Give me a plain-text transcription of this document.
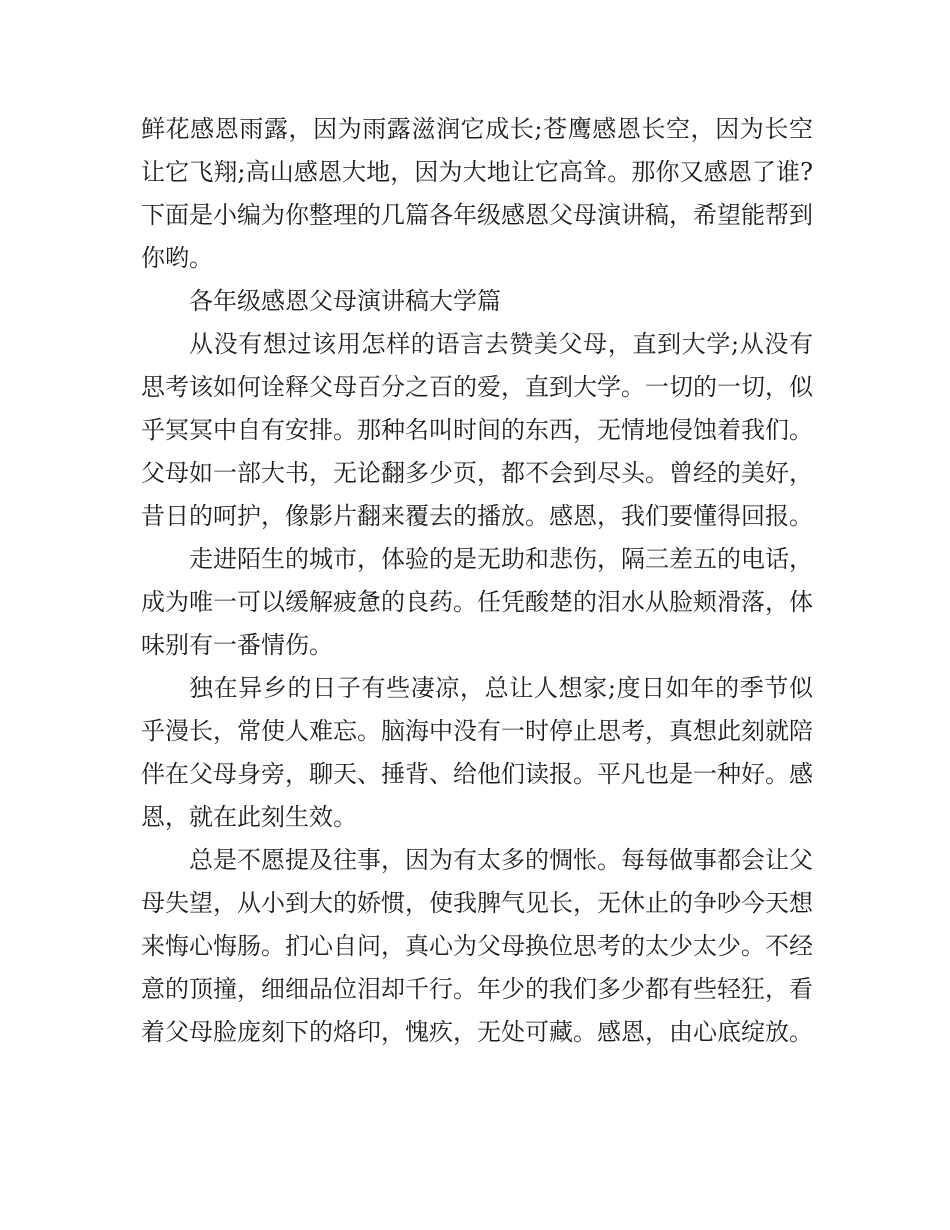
鲜花感恩雨露，因为雨露滋润它成长;苍鹰感恩长空，因为长空让它飞翔;高山感恩大地，因为大地让它高耸。那你又感恩了谁?下面是小编为你整理的几篇各年级感恩父母演讲稿，希望能帮到你哟。

各年级感恩父母演讲稿大学篇

从没有想过该用怎样的语言去赞美父母，直到大学;从没有思考该如何诠释父母百分之百的爱，直到大学。一切的一切，似乎冥冥中自有安排。那种名叫时间的东西，无情地侵蚀着我们。父母如一部大书，无论翻多少页，都不会到尽头。曾经的美好，昔日的呵护，像影片翻来覆去的播放。感恩，我们要懂得回报。

走进陌生的城市，体验的是无助和悲伤，隔三差五的电话，成为唯一可以缓解疲惫的良药。任凭酸楚的泪水从脸颊滑落，体味别有一番情伤。

独在异乡的日子有些凄凉，总让人想家;度日如年的季节似乎漫长，常使人难忘。脑海中没有一时停止思考，真想此刻就陪伴在父母身旁，聊天、捶背、给他们读报。平凡也是一种好。感恩，就在此刻生效。

总是不愿提及往事，因为有太多的惆怅。每每做事都会让父母失望，从小到大的娇惯，使我脾气见长，无休止的争吵今天想来悔心悔肠。扪心自问，真心为父母换位思考的太少太少。不经意的顶撞，细细品位泪却千行。年少的我们多少都有些轻狂，看着父母脸庞刻下的烙印，愧疚，无处可藏。感恩，由心底绽放。
